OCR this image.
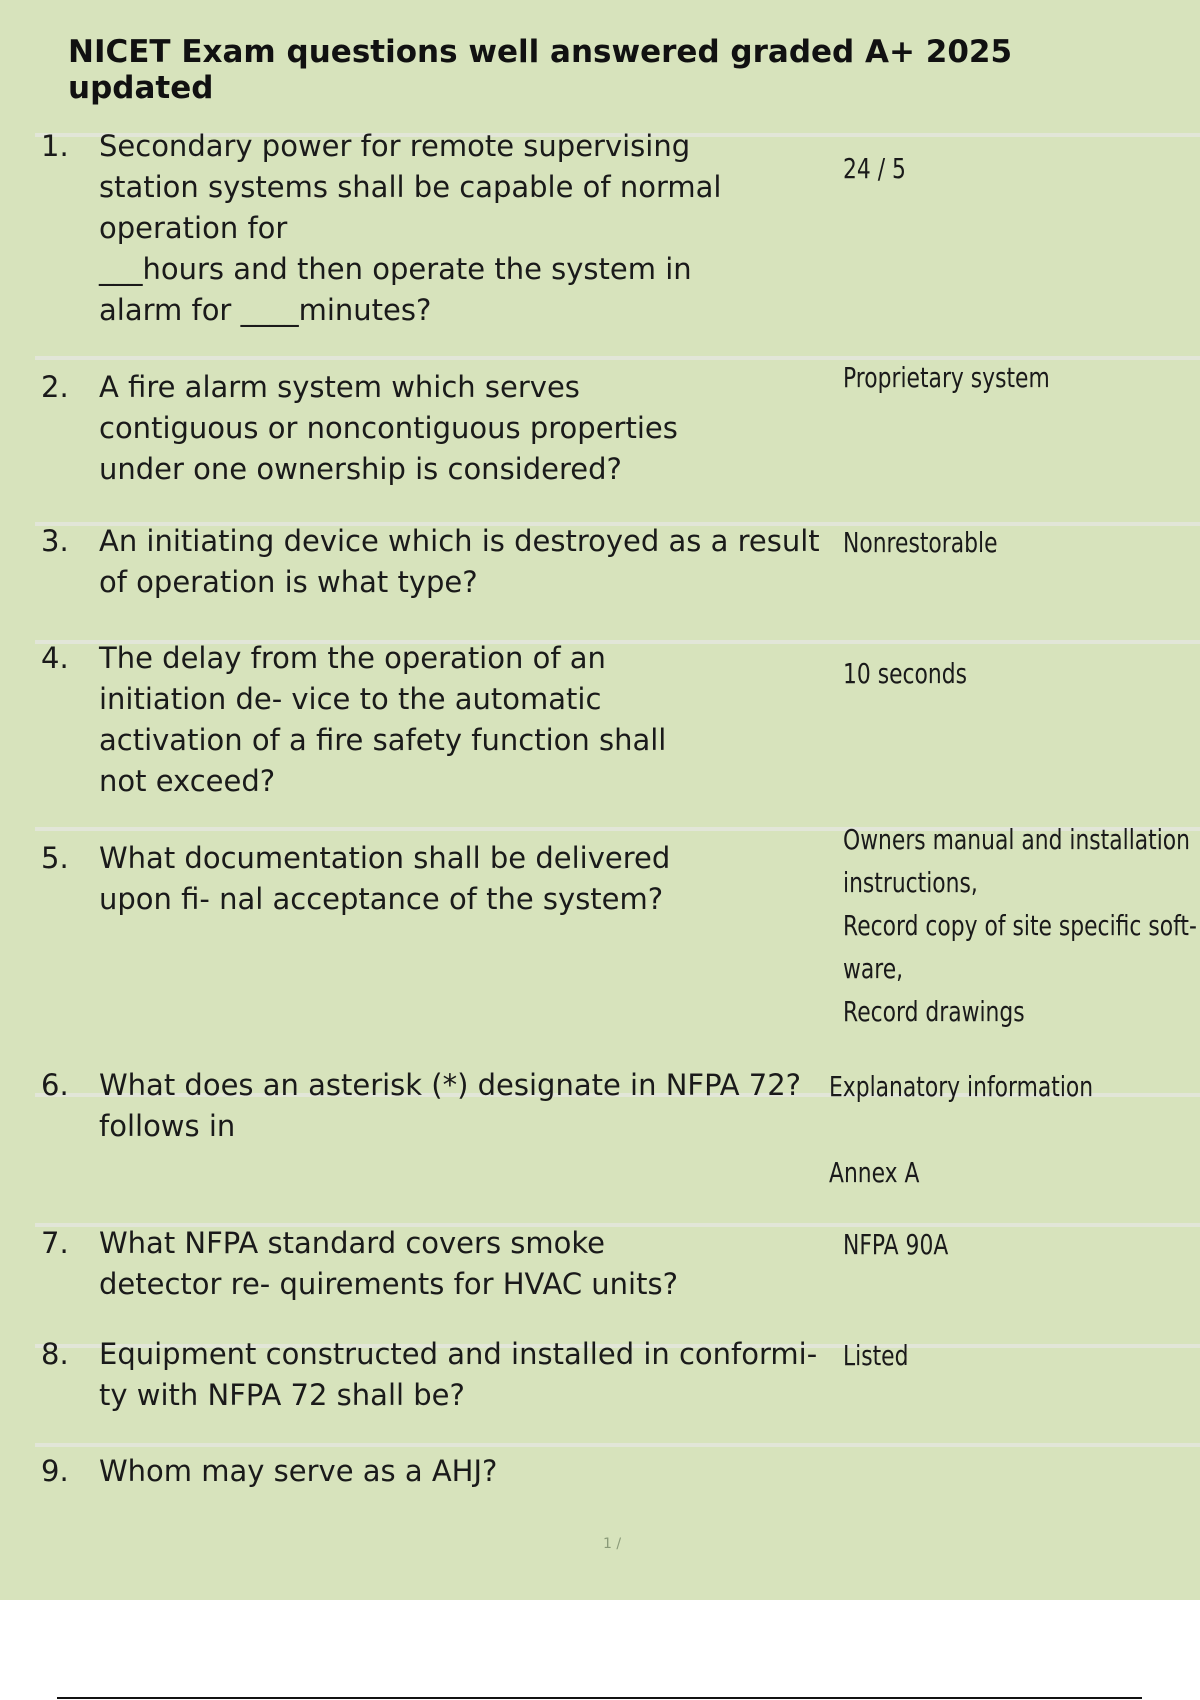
NICET Exam questions well answered graded A+ 2025
updated
1. Secondary power for remote supervising
station systems shall be capable of normal
operation for
___hours and then operate the system in
alarm for ____minutes?
24 / 5
2. A fire alarm system which serves
contiguous or noncontiguous properties
under one ownership is considered?
Proprietary system
3. An initiating device which is destroyed as a result
of operation is what type?
Nonrestorable
4. The delay from the operation of an
initiation de- vice to the automatic
activation of a fire safety function shall
not exceed?
10 seconds
5. What documentation shall be delivered
upon fi- nal acceptance of the system?
Owners manual and installation
instructions,
Record copy of site specific soft-
ware,
Record drawings
6. What does an asterisk (*) designate in NFPA 72?
follows in
Explanatory information
Annex A
7. What NFPA standard covers smoke
detector re- quirements for HVAC units?
NFPA 90A
8. Equipment constructed and installed in conformi-
ty with NFPA 72 shall be?
Listed
9. Whom may serve as a AHJ?
1 /
